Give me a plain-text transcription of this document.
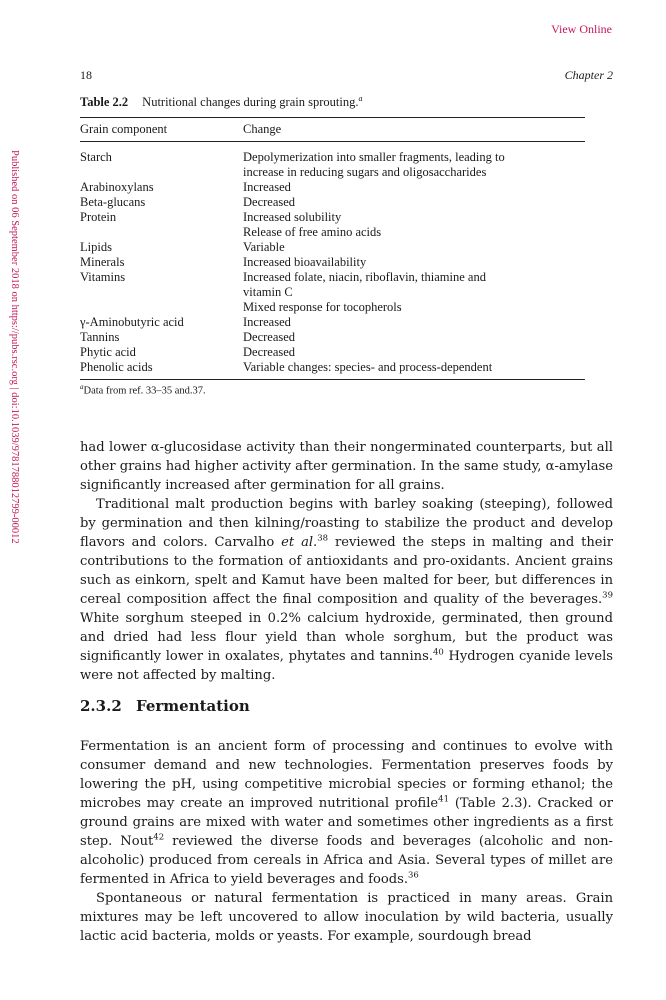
View Online
Published on 06 September 2018 on https://pubs.rsc.org | doi:10.1039/9781788012799-00012
18	Chapter 2
Table 2.2 Nutritional changes during grain sprouting.$^a$
Grain component	Change
Starch	Depolymerization into smaller fragments, leading to
	increase in reducing sugars and oligosaccharides
Arabinoxylans	Increased
Beta-glucans	Decreased
Protein	Increased solubility
	Release of free amino acids
Lipids	Variable
Minerals	Increased bioavailability
Vitamins	Increased folate, niacin, riboflavin, thiamine and
	vitamin C
	Mixed response for tocopherols
γ-Aminobutyric acid	Increased
Tannins	Decreased
Phytic acid	Decreased
Phenolic acids	Variable changes: species- and process-dependent
$^a$Data from ref. 33–35 and.37.

had lower α-glucosidase activity than their nongerminated counterparts, but all other grains had higher activity after germination. In the same study, α-amylase significantly increased after germination for all grains.

Traditional malt production begins with barley soaking (steeping), followed by germination and then kilning/roasting to stabilize the product and develop flavors and colors. Carvalho et al.$^{38}$ reviewed the steps in malting and their contributions to the formation of antioxidants and pro-oxidants. Ancient grains such as einkorn, spelt and Kamut have been malted for beer, but differences in cereal composition affect the final composition and quality of the beverages.$^{39}$ White sorghum steeped in 0.2% calcium hydroxide, germinated, then ground and dried had less flour yield than whole sorghum, but the product was significantly lower in oxalates, phytates and tannins.$^{40}$ Hydrogen cyanide levels were not affected by malting.

2.3.2 Fermentation

Fermentation is an ancient form of processing and continues to evolve with consumer demand and new technologies. Fermentation preserves foods by lowering the pH, using competitive microbial species or forming ethanol; the microbes may create an improved nutritional profile$^{41}$ (Table 2.3). Cracked or ground grains are mixed with water and sometimes other ingredients as a first step. Nout$^{42}$ reviewed the diverse foods and beverages (alcoholic and non-alcoholic) produced from cereals in Africa and Asia. Several types of millet are fermented in Africa to yield beverages and foods.$^{36}$

Spontaneous or natural fermentation is practiced in many areas. Grain mixtures may be left uncovered to allow inoculation by wild bacteria, usually lactic acid bacteria, molds or yeasts. For example, sourdough bread
